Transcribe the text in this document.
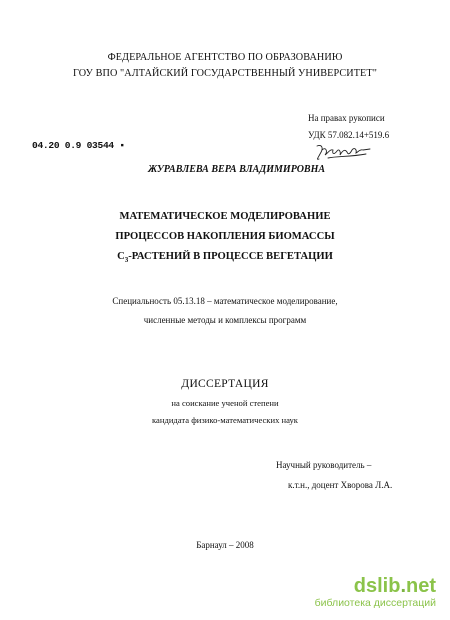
ФЕДЕРАЛЬНОЕ АГЕНТСТВО ПО ОБРАЗОВАНИЮ
ГОУ ВПО "АЛТАЙСКИЙ ГОСУДАРСТВЕННЫЙ УНИВЕРСИТЕТ"
На правах рукописи
УДК 57.082.14+519.6
04.20 0.9 03544 ▪
ЖУРАВЛЕВА ВЕРА ВЛАДИМИРОВНА
МАТЕМАТИЧЕСКОЕ МОДЕЛИРОВАНИЕ
ПРОЦЕССОВ НАКОПЛЕНИЯ БИОМАССЫ
$С_3$-РАСТЕНИЙ В ПРОЦЕССЕ ВЕГЕТАЦИИ
Специальность 05.13.18 – математическое моделирование,
численные методы и комплексы программ
ДИССЕРТАЦИЯ
на соискание ученой степени
кандидата физико-математических наук
Научный руководитель –
к.т.н., доцент Хворова Л.А.
Барнаул – 2008
dslib.net
библиотека диссертаций
